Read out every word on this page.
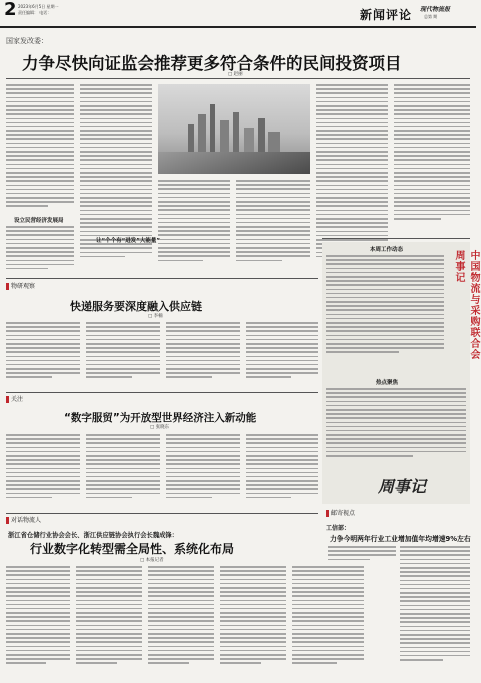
2 2023年6月5日 星期一
责任编辑： 电话：	新闻评论 现代物流报
总第 期
国家发改委：
力争尽快向证监会推荐更多符合条件的民间投资项目
□ 赵丽
设立民营经济发展局
让“个个有“进发”大能量”
物研观察
快递服务要深度融入供应链
□ 李楠
关注
“数字服贸”为开放型世界经济注入新动能
□ 张晓东
对话物流人
浙江省仓储行业协会会长、浙江供应链协会执行会长魏成锋：
行业数字化转型需全局性、系统化布局
□ 本报记者
本周工作动态	中国物流与采购联合会周事记
热点聚焦
周事记
邮寄视点
工信部：
力争今明两年行业工业增加值年均增速9%左右
